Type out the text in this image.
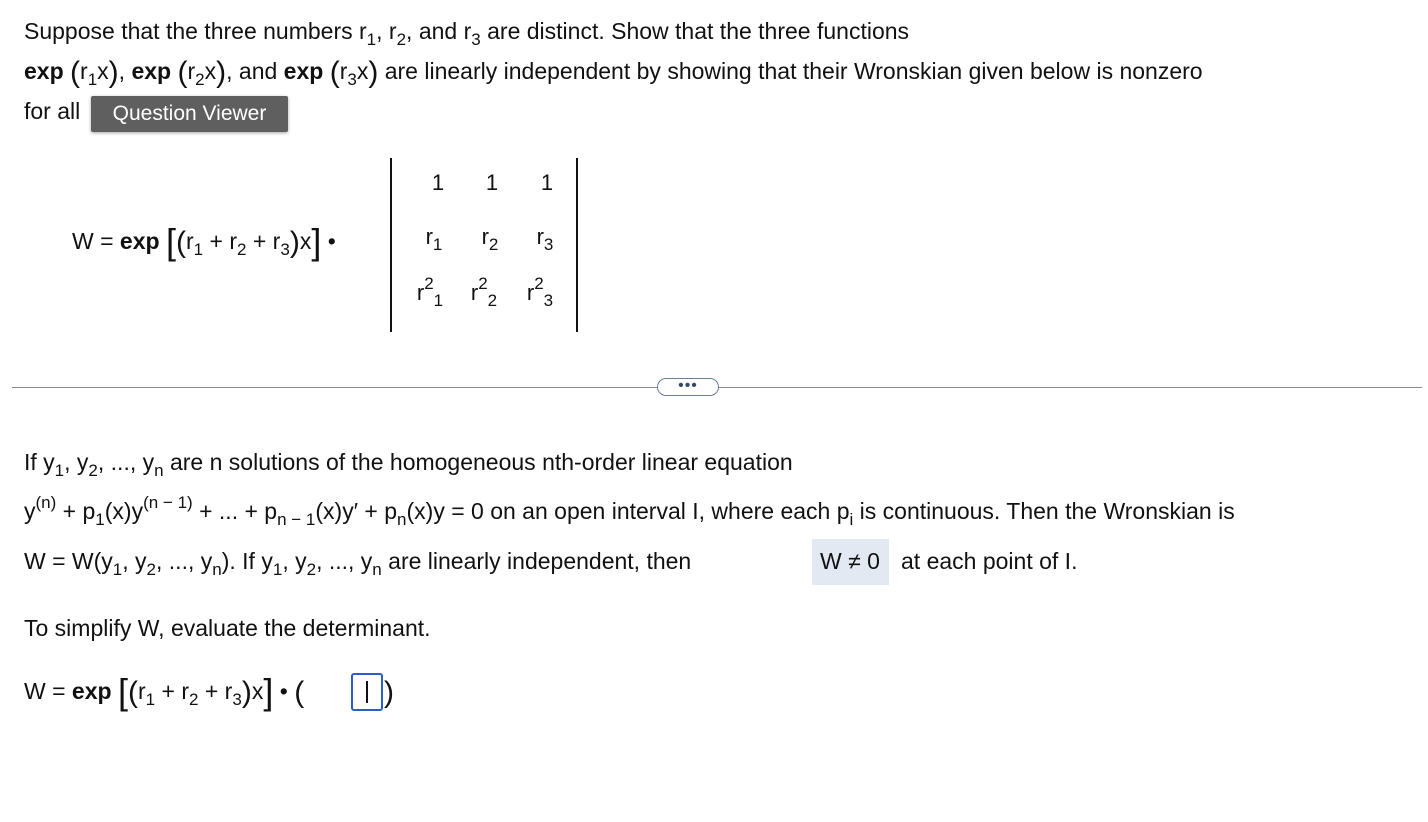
Suppose that the three numbers $r_1$, $r_2$, and $r_3$ are distinct. Show that the three functions
$\exp (r_1x)$, $\exp (r_2x)$, and $\exp (r_3x)$ are linearly independent by showing that their Wronskian given below is nonzero
for all	Question Viewer
$W = \exp [(r_1 + r_2 + r_3)x]$ •
1	1	1
$r_1$	$r_2$	$r_3$
$r^2_1$	$r^2_2$	$r^2_3$
•••
If $y_1$, $y_2$, ..., $y_n$ are n solutions of the homogeneous nth-order linear equation
$y^{(n)} + p_1(x)y^{(n - 1)}$ + ... + $p_{n - 1}(x)y' + p_n(x)y = 0$ on an open interval I, where each $p_i$ is continuous. Then the Wronskian is
$W = W(y_1$, $y_2$, ..., $y_n$). If $y_1$, $y_2$, ..., $y_n$ are linearly independent, then	W ≠ 0 at each point of I.
To simplify W, evaluate the determinant.
$W = \exp [(r_1 + r_2 + r_3)x]$ • (	)
